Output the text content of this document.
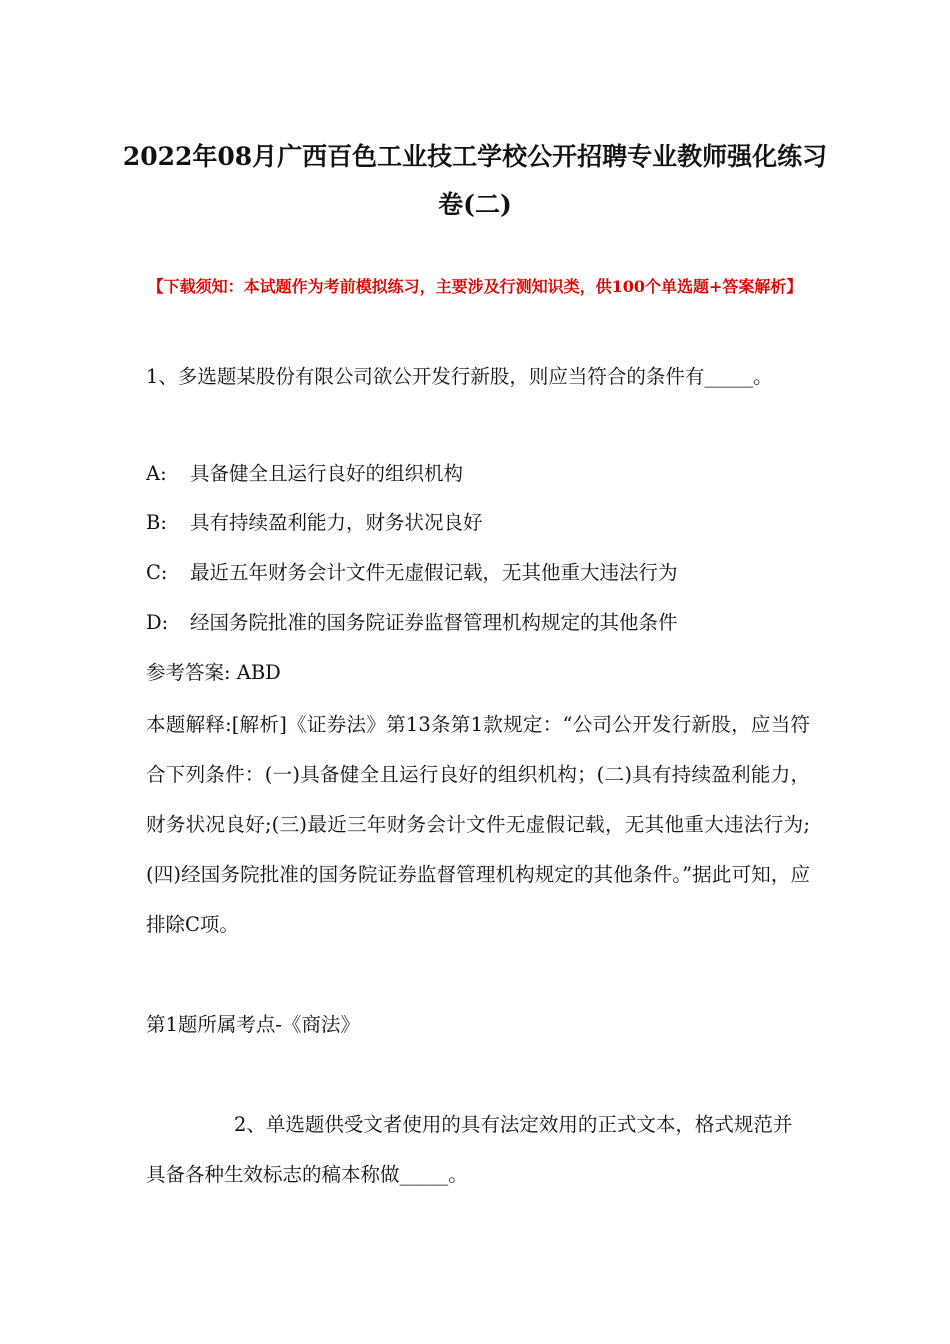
2022年08月广西百色工业技工学校公开招聘专业教师强化练习卷(二)
【下载须知：本试题作为考前模拟练习，主要涉及行测知识类，供100个单选题+答案解析】
1、多选题某股份有限公司欲公开发行新股，则应当符合的条件有_____。
A: 具备健全且运行良好的组织机构
B: 具有持续盈利能力，财务状况良好
C: 最近五年财务会计文件无虚假记载，无其他重大违法行为
D: 经国务院批准的国务院证券监督管理机构规定的其他条件
参考答案: ABD
本题解释:[解析]《证券法》第13条第1款规定：“公司公开发行新股，应当符合下列条件：(一)具备健全且运行良好的组织机构；(二)具有持续盈利能力，财务状况良好;(三)最近三年财务会计文件无虚假记载，无其他重大违法行为;(四)经国务院批准的国务院证券监督管理机构规定的其他条件。”据此可知，应排除C项。
第1题所属考点-《商法》
2、单选题供受文者使用的具有法定效用的正式文本，格式规范并具备各种生效标志的稿本称做_____。
